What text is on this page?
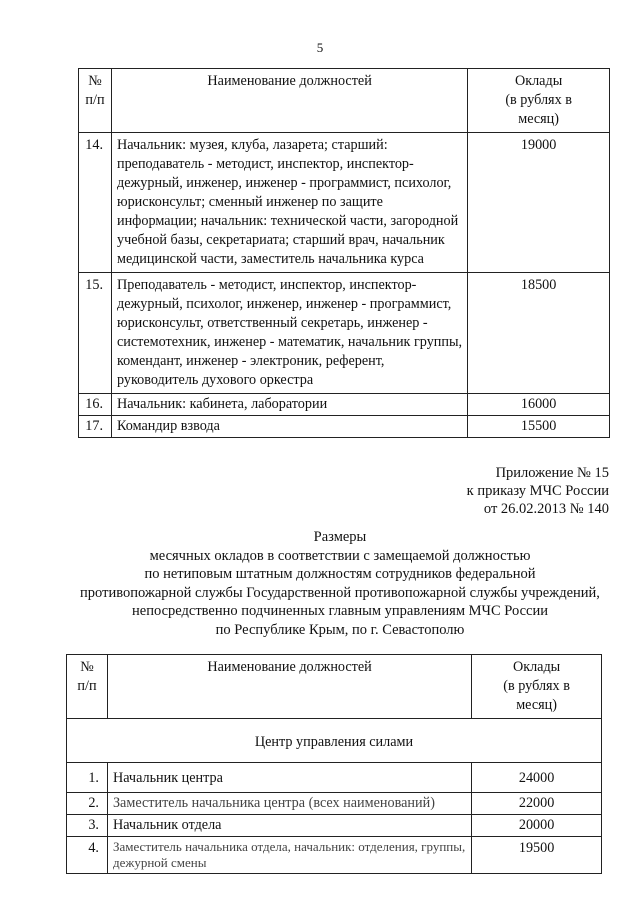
5
№
п/п	Наименование должностей	Оклады
(в рублях в
месяц)
14.	Начальник: музея, клуба, лазарета; старший: преподаватель - методист, инспектор, инспектор-дежурный, инженер, инженер - программист, психолог, юрисконсульт; сменный инженер по защите информации; начальник: технической части, загородной учебной базы, секретариата; старший врач, начальник медицинской части, заместитель начальника курса	19000
15.	Преподаватель - методист, инспектор, инспектор-дежурный, психолог, инженер, инженер - программист, юрисконсульт, ответственный секретарь, инженер - системотехник, инженер - математик, начальник группы, комендант, инженер - электроник, референт, руководитель духового оркестра	18500
16.	Начальник: кабинета, лаборатории	16000
17.	Командир взвода	15500
Приложение № 15
к приказу МЧС России
от 26.02.2013 № 140
Размеры
месячных окладов в соответствии с замещаемой должностью
по нетиповым штатным должностям сотрудников федеральной
противопожарной службы Государственной противопожарной службы учреждений,
непосредственно подчиненных главным управлениям МЧС России
по Республике Крым, по г. Севастополю
№
п/п	Наименование должностей	Оклады
(в рублях в
месяц)
Центр управления силами		
1.	Начальник центра	24000
2.	Заместитель начальника центра (всех наименований)	22000
3.	Начальник отдела	20000
4.	Заместитель начальника отдела, начальник: отделения, группы, дежурной смены	19500
